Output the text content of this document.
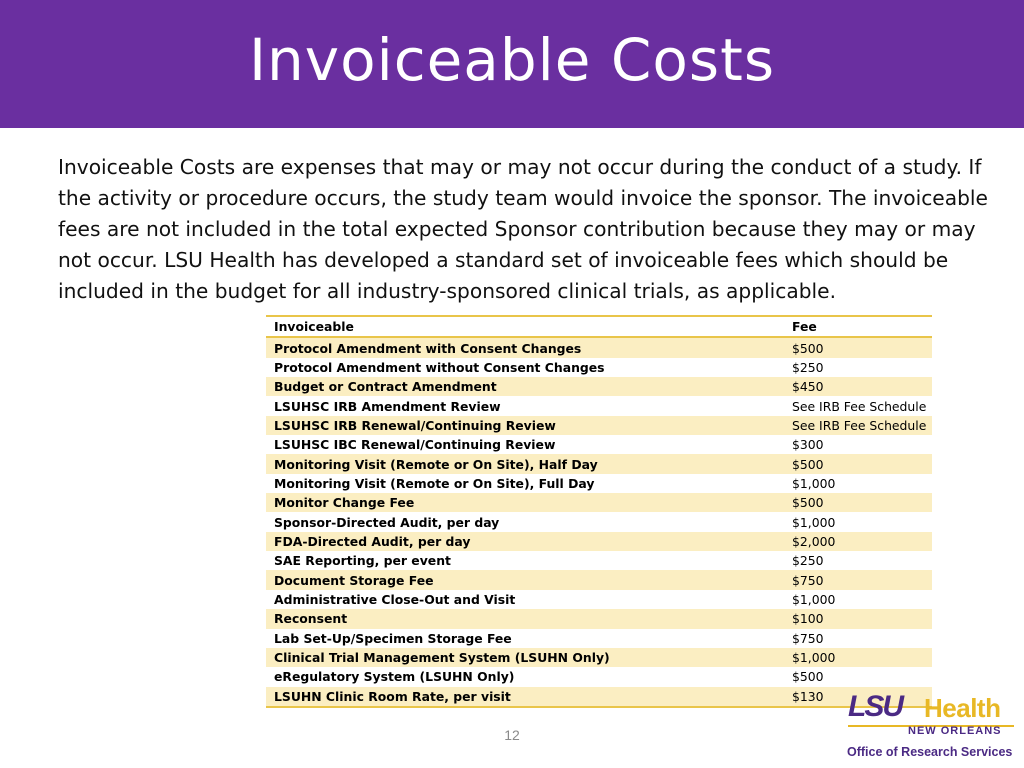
Invoiceable Costs

Invoiceable Costs are expenses that may or may not occur during the conduct of a study. If the activity or procedure occurs, the study team would invoice the sponsor. The invoiceable fees are not included in the total expected Sponsor contribution because they may or may not occur. LSU Health has developed a standard set of invoiceable fees which should be included in the budget for all industry-sponsored clinical trials, as applicable.

Invoiceable	Fee
Protocol Amendment with Consent Changes	$500
Protocol Amendment without Consent Changes	$250
Budget or Contract Amendment	$450
LSUHSC IRB Amendment Review	See IRB Fee Schedule
LSUHSC IRB Renewal/Continuing Review	See IRB Fee Schedule
LSUHSC IBC Renewal/Continuing Review	$300
Monitoring Visit (Remote or On Site), Half Day	$500
Monitoring Visit (Remote or On Site), Full Day	$1,000
Monitor Change Fee	$500
Sponsor-Directed Audit, per day	$1,000
FDA-Directed Audit, per day	$2,000
SAE Reporting, per event	$250
Document Storage Fee	$750
Administrative Close-Out and Visit	$1,000
Reconsent	$100
Lab Set-Up/Specimen Storage Fee	$750
Clinical Trial Management System (LSUHN Only)	$1,000
eRegulatory System (LSUHN Only)	$500
LSUHN Clinic Room Rate, per visit	$130
12
LSU Health
NEW ORLEANS
Office of Research Services
